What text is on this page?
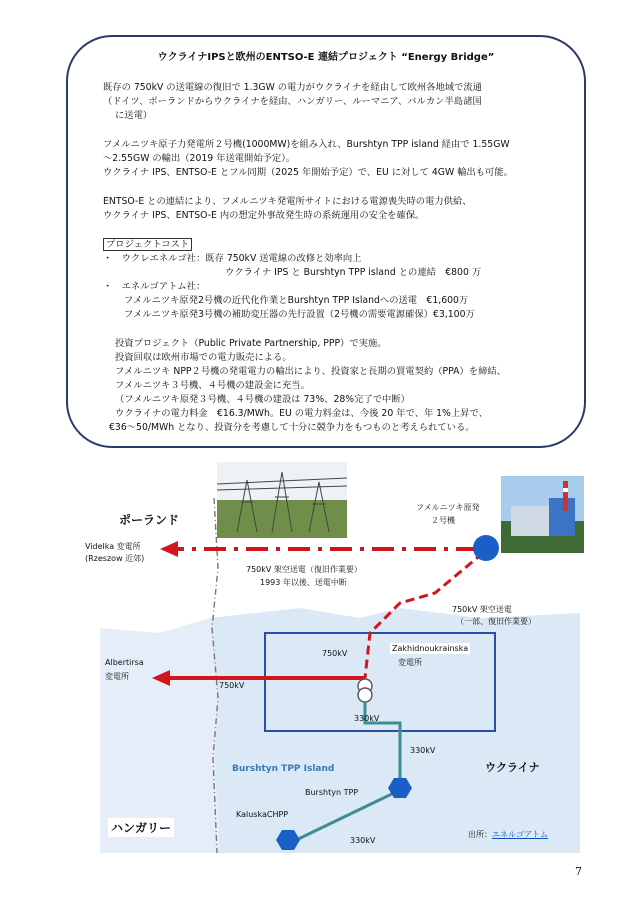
ウクライナIPSと欧州のENTSO-E 連結プロジェクト “Energy Bridge”
既存の 750kV の送電線の復旧で 1.3GW の電力がウクライナを経由して欧州各地域で流通
（ドイツ、ポーランドからウクライナを経由、ハンガリー、ルーマニア、バルカン半島諸国
に送電）
フメルニツキ原子力発電所２号機(1000MW)を組み入れ、Burshtyn TPP island 経由で 1.55GW
～2.55GW の輸出（2019 年送電開始予定）。
ウクライナ IPS、ENTSO-E とフル同期（2025 年開始予定）で、EU に対して 4GW 輸出も可能。
ENTSO-E との連結により、フメルニツキ発電所サイトにおける電源喪失時の電力供給、
ウクライナ IPS、ENTSO-E 内の想定外事故発生時の系統運用の安全を確保。
プロジェクトコスト
・　ウクレエネルゴ社：既存 750kV 送電線の改修と効率向上
ウクライナ IPS と Burshtyn TPP island との連結　€800 万
・　エネルゴアトム社：
フメルニツキ原発2号機の近代化作業とBurshtyn TPP Islandへの送電　€1,600万
フメルニツキ原発3号機の補助変圧器の先行設置（2号機の需要電源確保）€3,100万
投資プロジェクト（Public Private Partnership, PPP）で実施。
投資回収は欧州市場での電力販売による。
フメルニツキ NPP２号機の発電電力の輸出により、投資家と長期の買電契約（PPA）を締結、
フメルニツキ３号機、４号機の建設金に充当。
（フメルニツキ原発３号機、４号機の建設は 73%、28%完了で中断）
ウクライナの電力料金　€16.3/MWh。EU の電力料金は、今後 20 年で、年 1%上昇で、
€36～50/MWh となり、投資分を考慮して十分に競争力をもつものと考えられている。
ポーランド
ハンガリー
ウクライナ
Videlka 変電所
(Rzeszow 近郊)
フメルニツキ原発
２号機
750kV 架空送電（復旧作業要）
1993 年以後、送電中断
750kV 架空送電
（一部、復旧作業要）
Albertirsa
変電所
750kV
750kV
Zakhidnoukrainska
変電所
330kV
330kV
330kV
Burshtyn TPP Island
Burshtyn TPP
KaluskaCHPP
出所：エネルゴアトム
7
